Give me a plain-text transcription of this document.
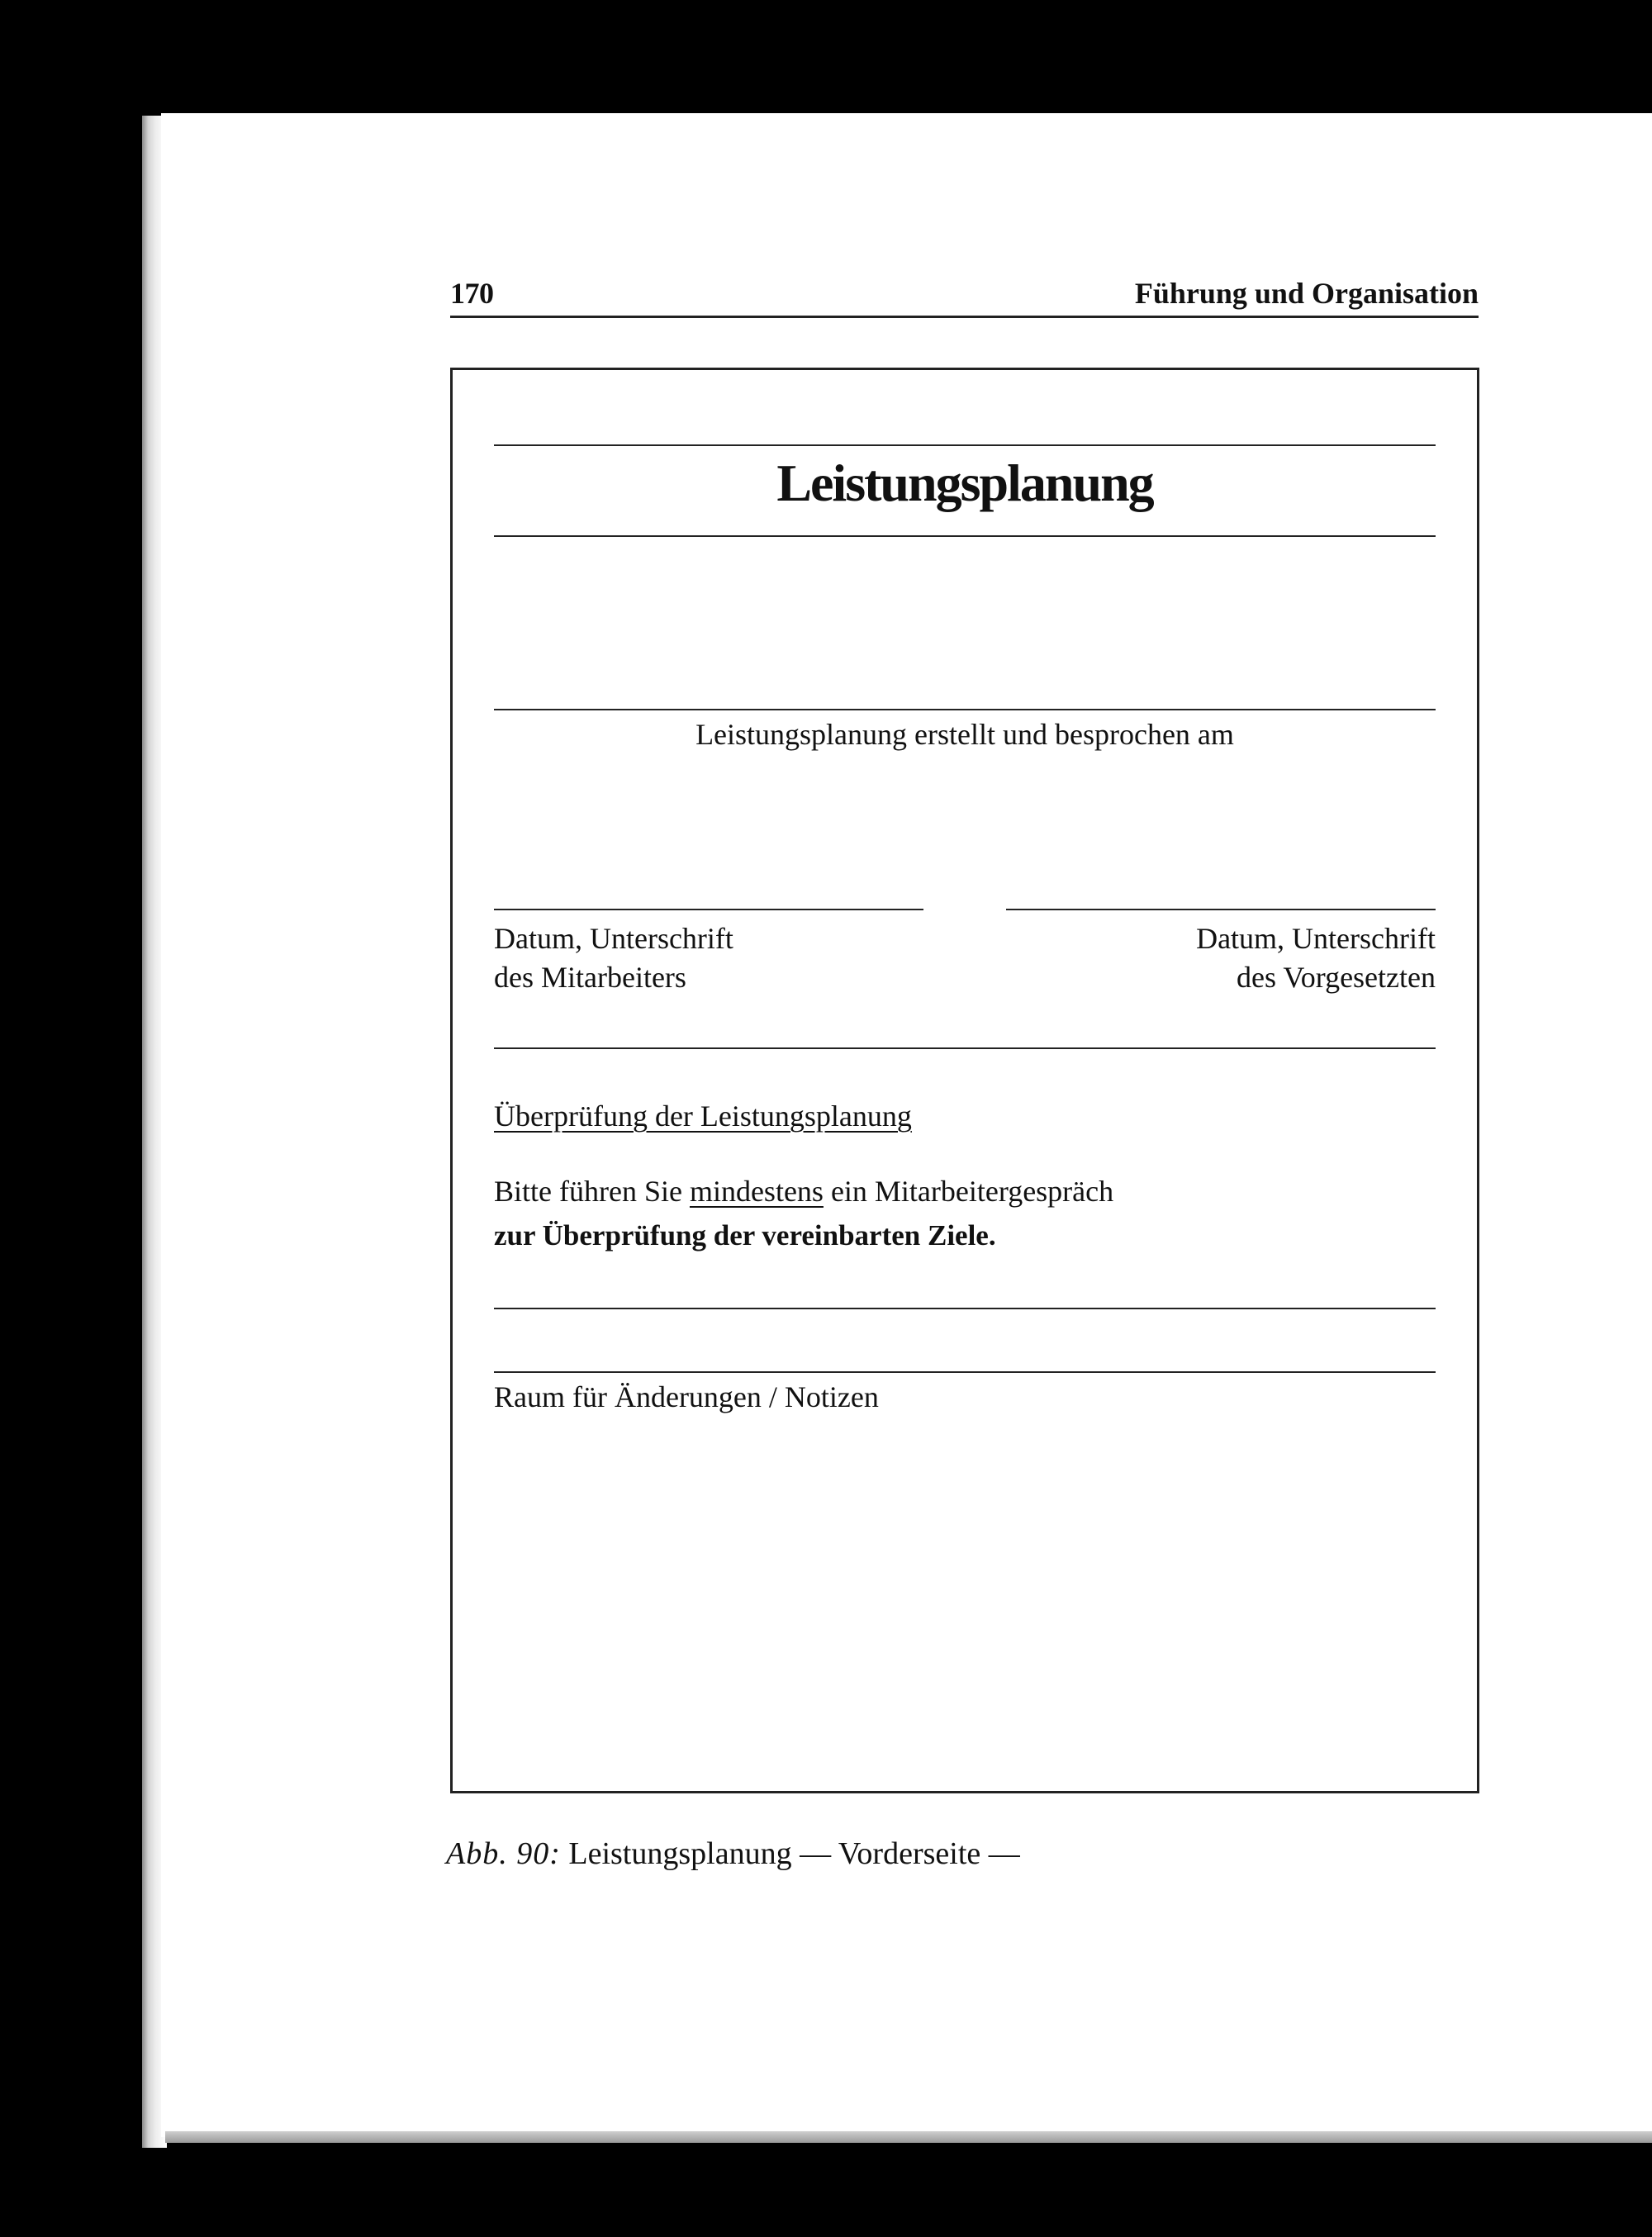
170	Führung und Organisation
Leistungsplanung
Leistungsplanung erstellt und besprochen am
Datum, Unterschrift
des Mitarbeiters
Datum, Unterschrift
des Vorgesetzten
Überprüfung der Leistungsplanung
Bitte führen Sie mindestens ein Mitarbeitergespräch
zur Überprüfung der vereinbarten Ziele.
Raum für Änderungen / Notizen
Abb. 90: Leistungsplanung — Vorderseite —
